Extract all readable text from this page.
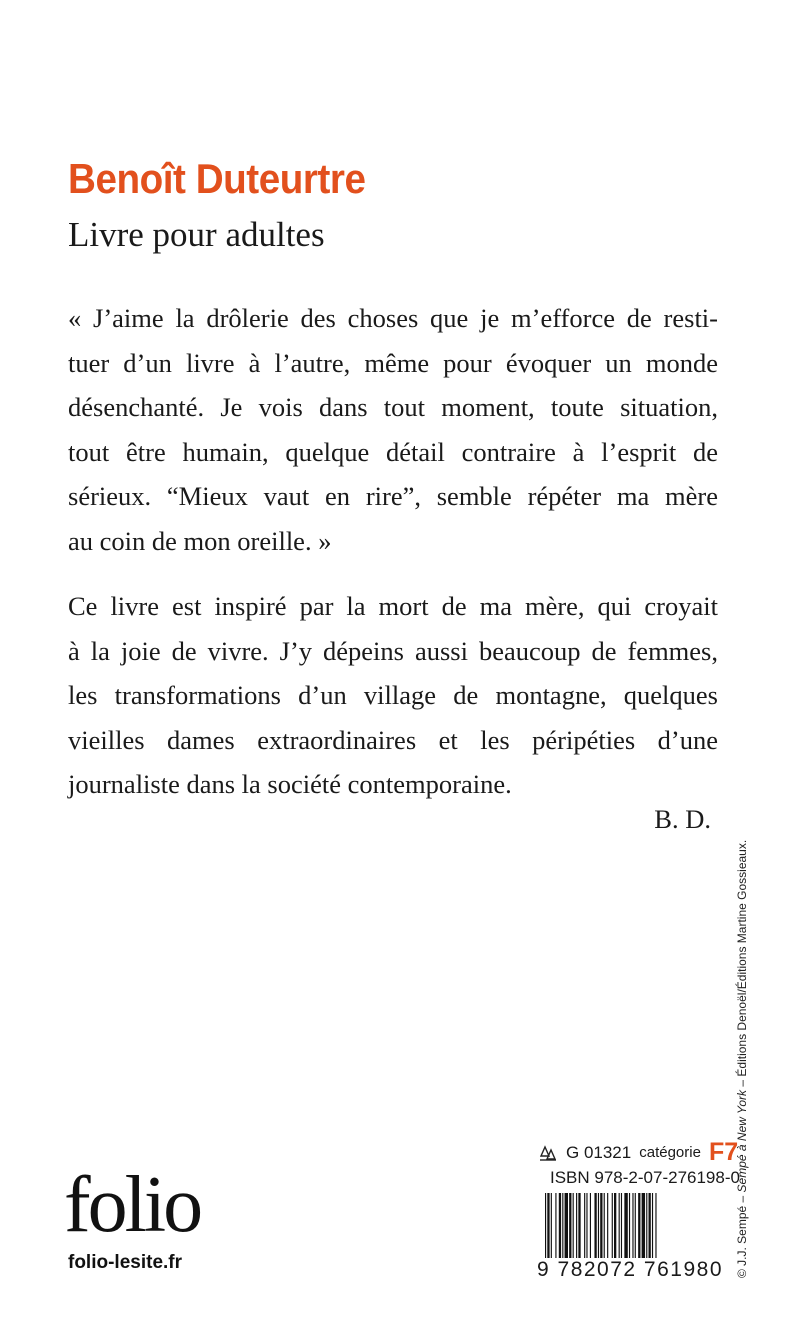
Benoît Duteurtre
Livre pour adultes
« J’aime la drôlerie des choses que je m’efforce de resti-
tuer d’un livre à l’autre, même pour évoquer un monde
désenchanté. Je vois dans tout moment, toute situation,
tout être humain, quelque détail contraire à l’esprit de
sérieux. “Mieux vaut en rire”, semble répéter ma mère
au coin de mon oreille. »
Ce livre est inspiré par la mort de ma mère, qui croyait
à la joie de vivre. J’y dépeins aussi beaucoup de femmes,
les transformations d’un village de montagne, quelques
vieilles dames extraordinaires et les péripéties d’une
journaliste dans la société contemporaine.
B. D.
© J.J. Sempé – Sempé à New York – Éditions Denoël/Éditions Martine Gossieaux.
G 01321 catégorie F7
ISBN 978-2-07-276198-0
9 782072 761980
folio
folio-lesite.fr
